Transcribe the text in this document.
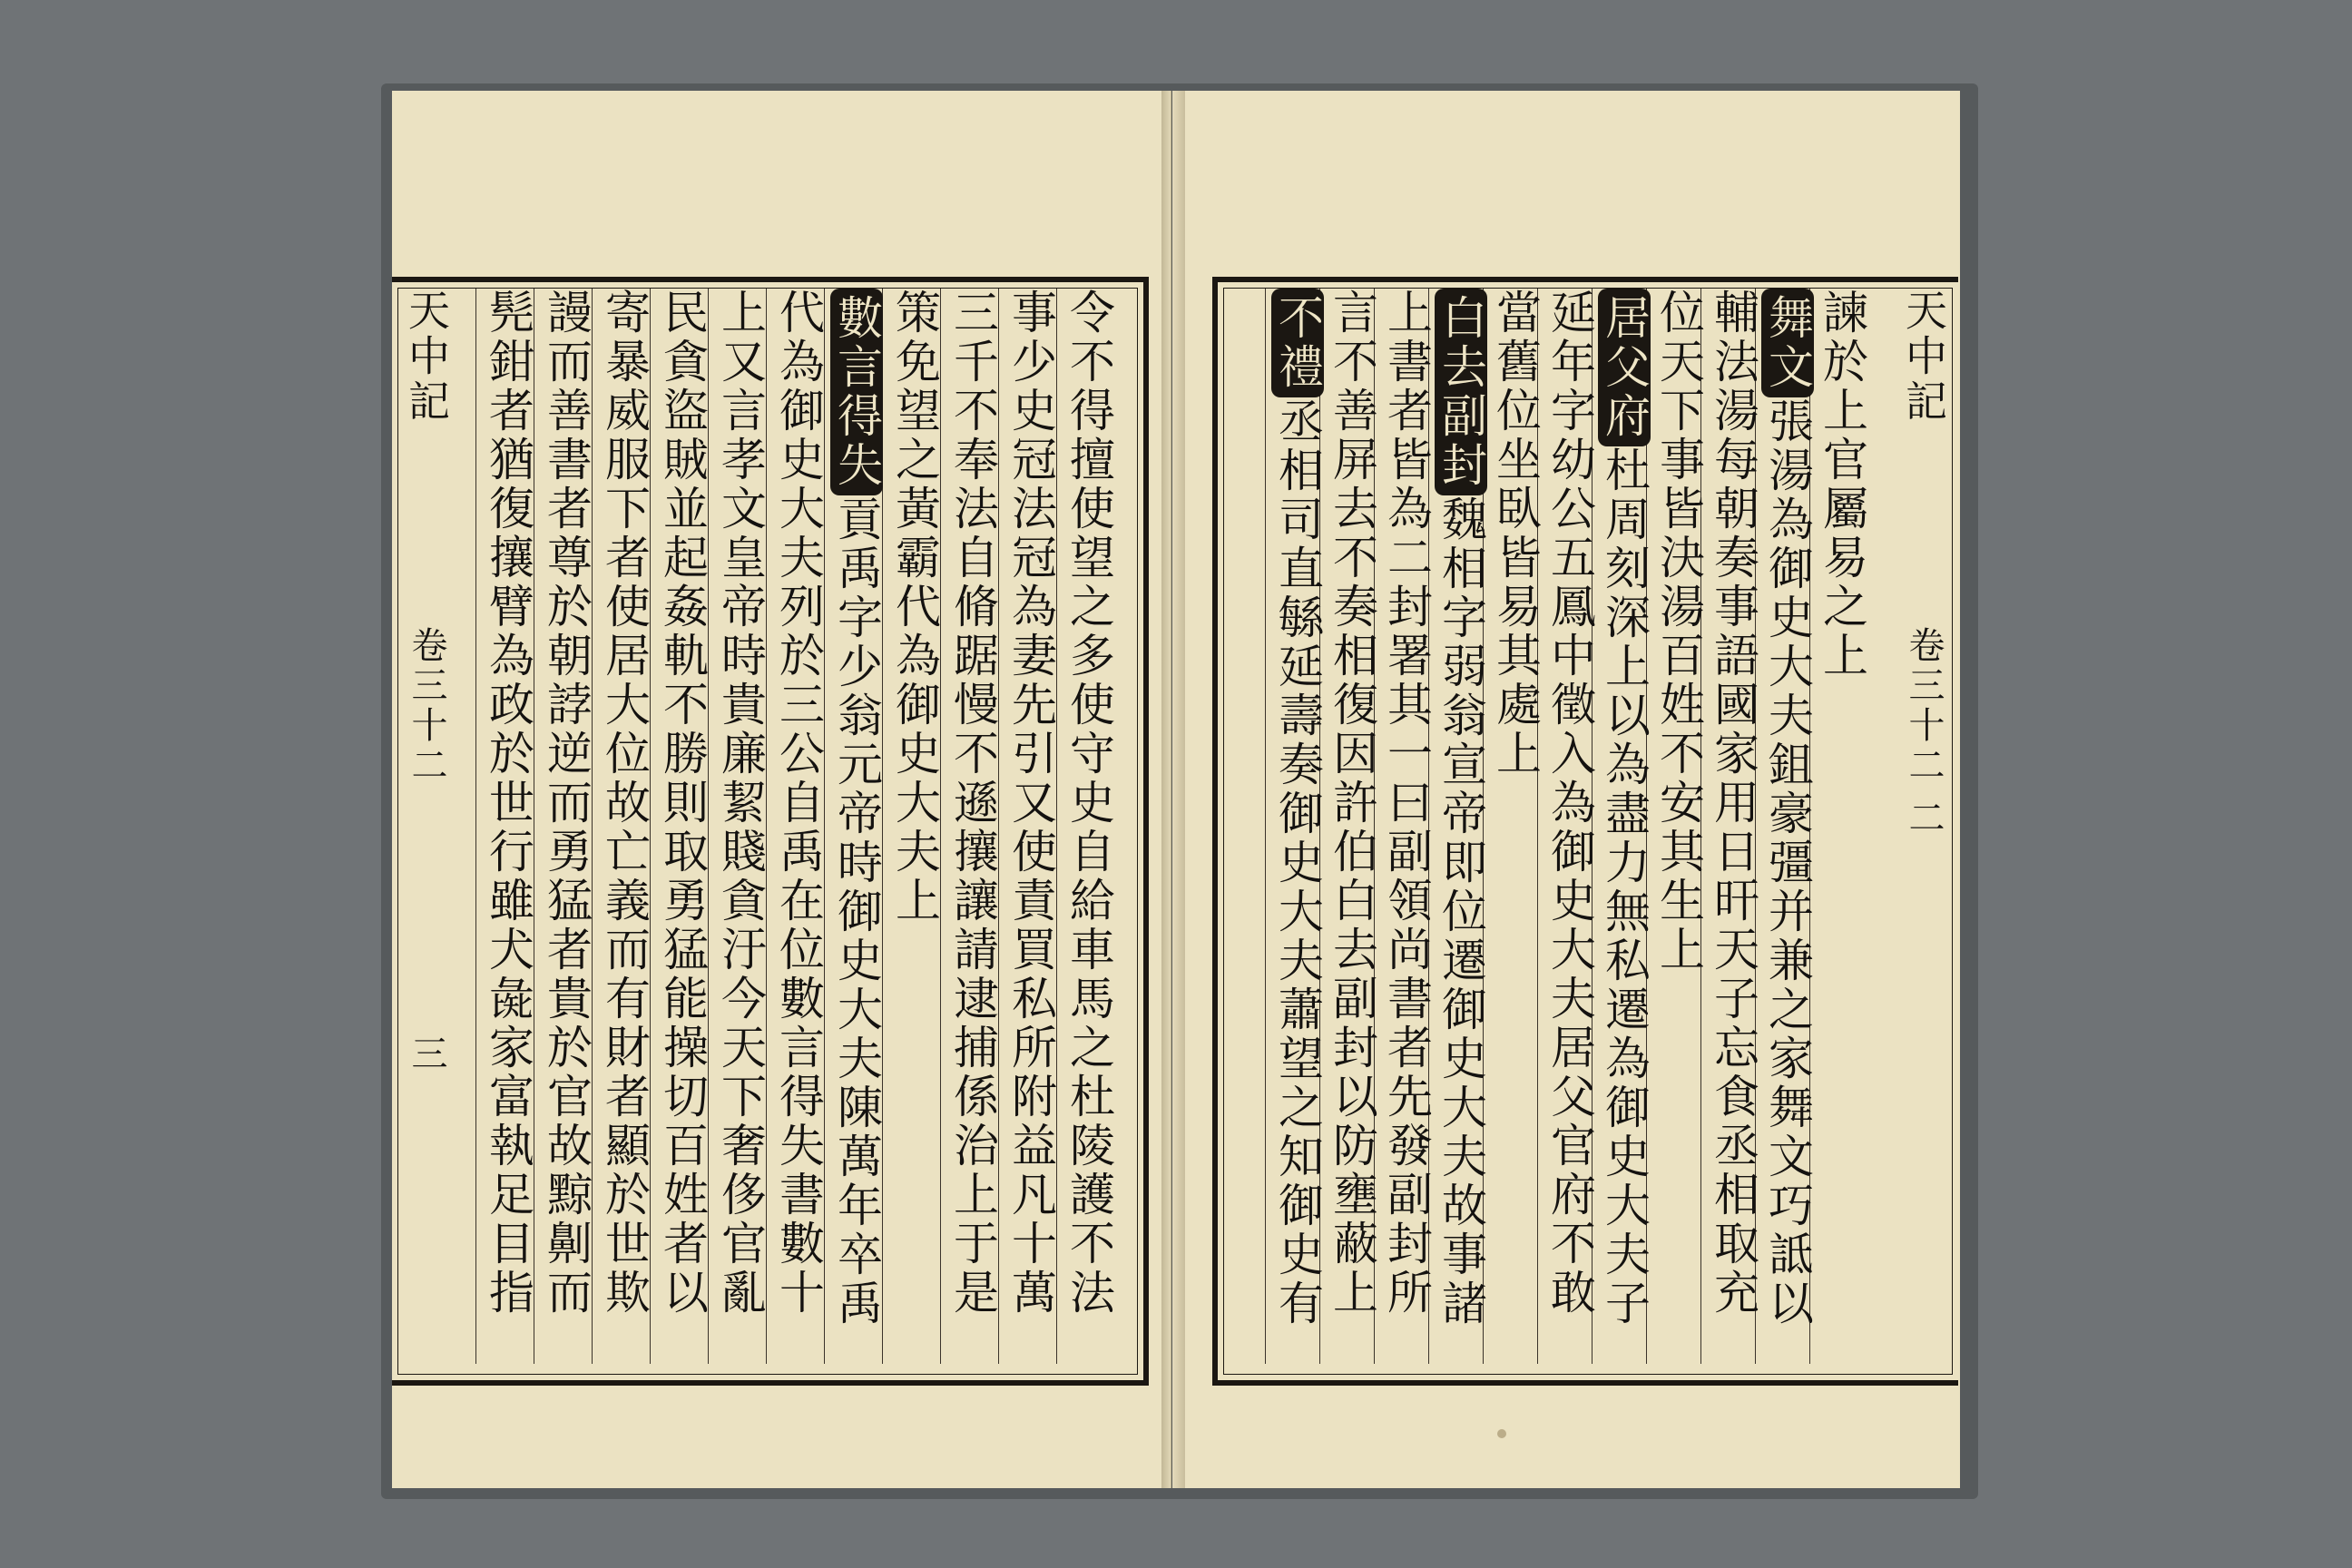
令不得擅使望之多使守史自給車馬之杜陵護不法
事少史冠法冠為妻先引又使責買私所附益凡十萬
三千不奉法自脩踞慢不遜攘讓請逮捕係治上于是
策免望之黃霸代為御史大夫上
數言得失貢禹字少翁元帝時御史大夫陳萬年卒禹
代為御史大夫列於三公自禹在位數言得失書數十
上又言孝文皇帝時貴廉絜賤貪汙今天下奢侈官亂
民貪盜賊並起姦軌不勝則取勇猛能操切百姓者以
寄暴威服下者使居大位故亡義而有財者顯於世欺
謾而善書者尊於朝誖逆而勇猛者貴於官故黥劓而
髡鉗者猶復攘臂為政於世行雖犬彘家富執足目指	諫於上官屬易之上
舞文張湯為御史大夫鉏豪彊并兼之家舞文巧詆以
輔法湯每朝奏事語國家用日旰天子忘食丞相取充
位天下事皆決湯百姓不安其生上
居父府杜周刻深上以為盡力無私遷為御史大夫子
延年字幼公五鳳中徵入為御史大夫居父官府不敢
當舊位坐臥皆易其處上
白去副封魏相字弱翁宣帝即位遷御史大夫故事諸
上書者皆為二封署其一曰副領尚書者先發副封所
言不善屏去不奏相復因許伯白去副封以防壅蔽上
不禮丞相司直緐延壽奏御史大夫蕭望之知御史有
天中記
卷三十二
三
天中記
卷三十二
二
